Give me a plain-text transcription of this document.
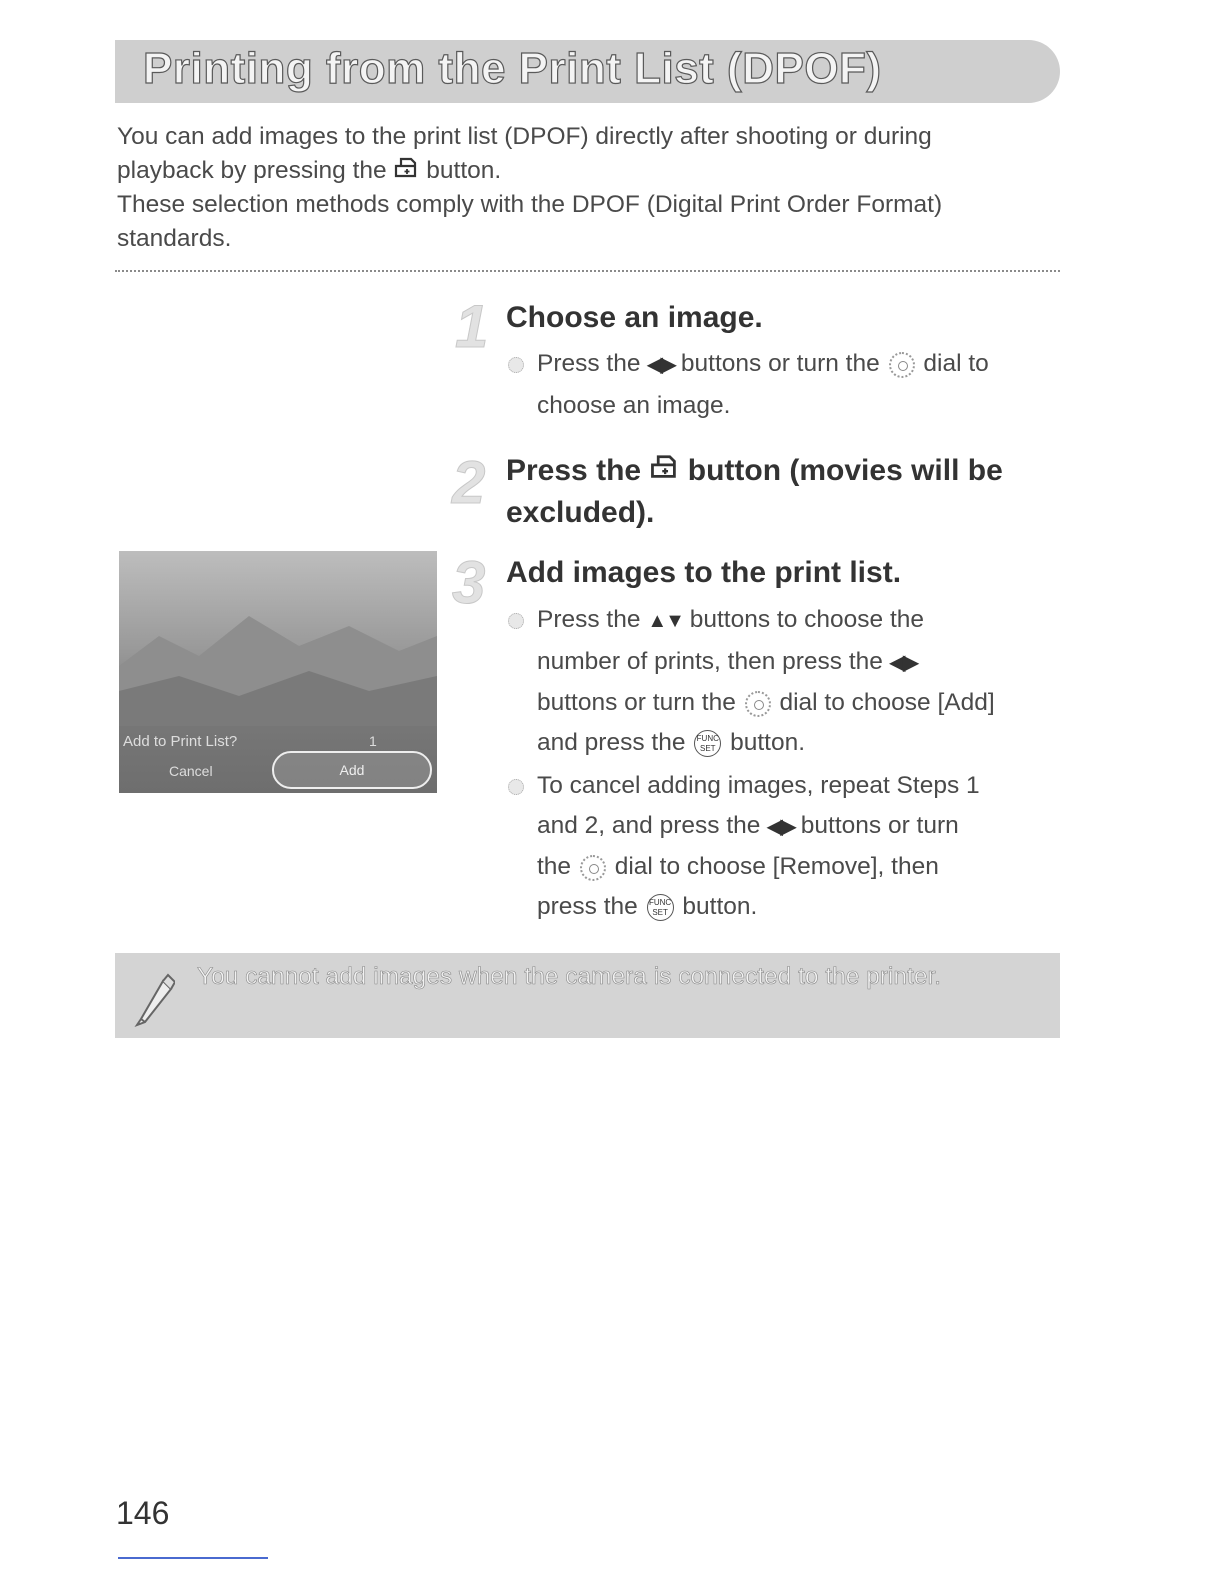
Printing from the Print List (DPOF)

You can add images to the print list (DPOF) directly after shooting or during

playback by pressing the button.

These selection methods comply with the DPOF (Digital Print Order Format)

standards.

1 Choose an image.
Press the ◀▶ buttons or turn the dial to
choose an image.
2 Press the button (movies will be
excluded).
Add to Print List?	1
Cancel	Add
3 Add images to the print list.
Press the ▲▼ buttons to choose the
number of prints, then press the ◀▶
buttons or turn the dial to choose [Add]
and press the FUNC SET button.
To cancel adding images, repeat Steps 1
and 2, and press the ◀▶ buttons or turn
the dial to choose [Remove], then
press the FUNC SET button.
You cannot add images when the camera is connected to the printer.
146
